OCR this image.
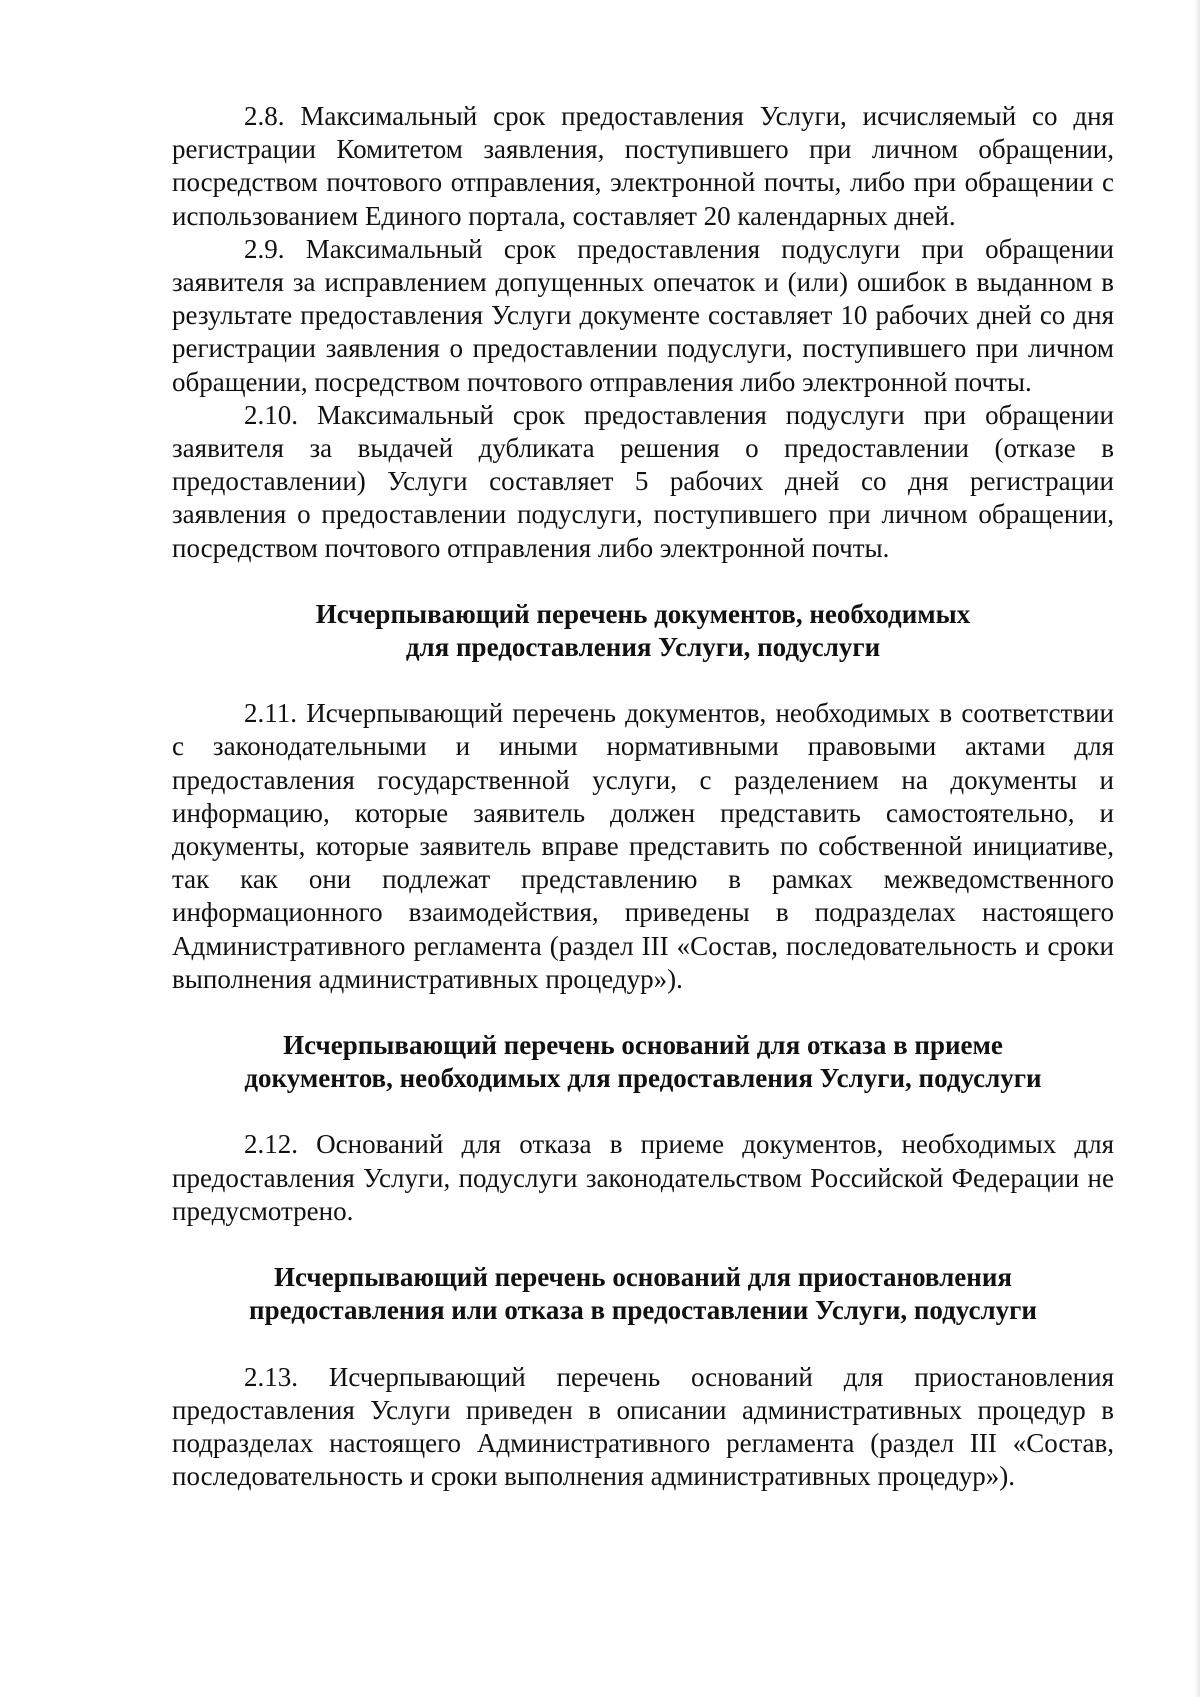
2.8. Максимальный срок предоставления Услуги, исчисляемый со дня регистрации Комитетом заявления, поступившего при личном обращении, посредством почтового отправления, электронной почты, либо при обращении с использованием Единого портала, составляет 20 календарных дней.

2.9. Максимальный срок предоставления подуслуги при обращении заявителя за исправлением допущенных опечаток и (или) ошибок в выданном в результате предоставления Услуги документе составляет 10 рабочих дней со дня регистрации заявления о предоставлении подуслуги, поступившего при личном обращении, посредством почтового отправления либо электронной почты.

2.10. Максимальный срок предоставления подуслуги при обращении заявителя за выдачей дубликата решения о предоставлении (отказе в предоставлении) Услуги составляет 5 рабочих дней со дня регистрации заявления о предоставлении подуслуги, поступившего при личном обращении, посредством почтового отправления либо электронной почты.

Исчерпывающий перечень документов, необходимых
для предоставления Услуги, подуслуги

2.11. Исчерпывающий перечень документов, необходимых в соответствии с законодательными и иными нормативными правовыми актами для предоставления государственной услуги, с разделением на документы и информацию, которые заявитель должен представить самостоятельно, и документы, которые заявитель вправе представить по собственной инициативе, так как они подлежат представлению в рамках межведомственного информационного взаимодействия, приведены в подразделах настоящего Административного регламента (раздел III «Состав, последовательность и сроки выполнения административных процедур»).

Исчерпывающий перечень оснований для отказа в приеме
документов, необходимых для предоставления Услуги, подуслуги

2.12. Оснований для отказа в приеме документов, необходимых для предоставления Услуги, подуслуги законодательством Российской Федерации не предусмотрено.

Исчерпывающий перечень оснований для приостановления
предоставления или отказа в предоставлении Услуги, подуслуги

2.13. Исчерпывающий перечень оснований для приостановления предоставления Услуги приведен в описании административных процедур в подразделах настоящего Административного регламента (раздел III «Состав, последовательность и сроки выполнения административных процедур»).
